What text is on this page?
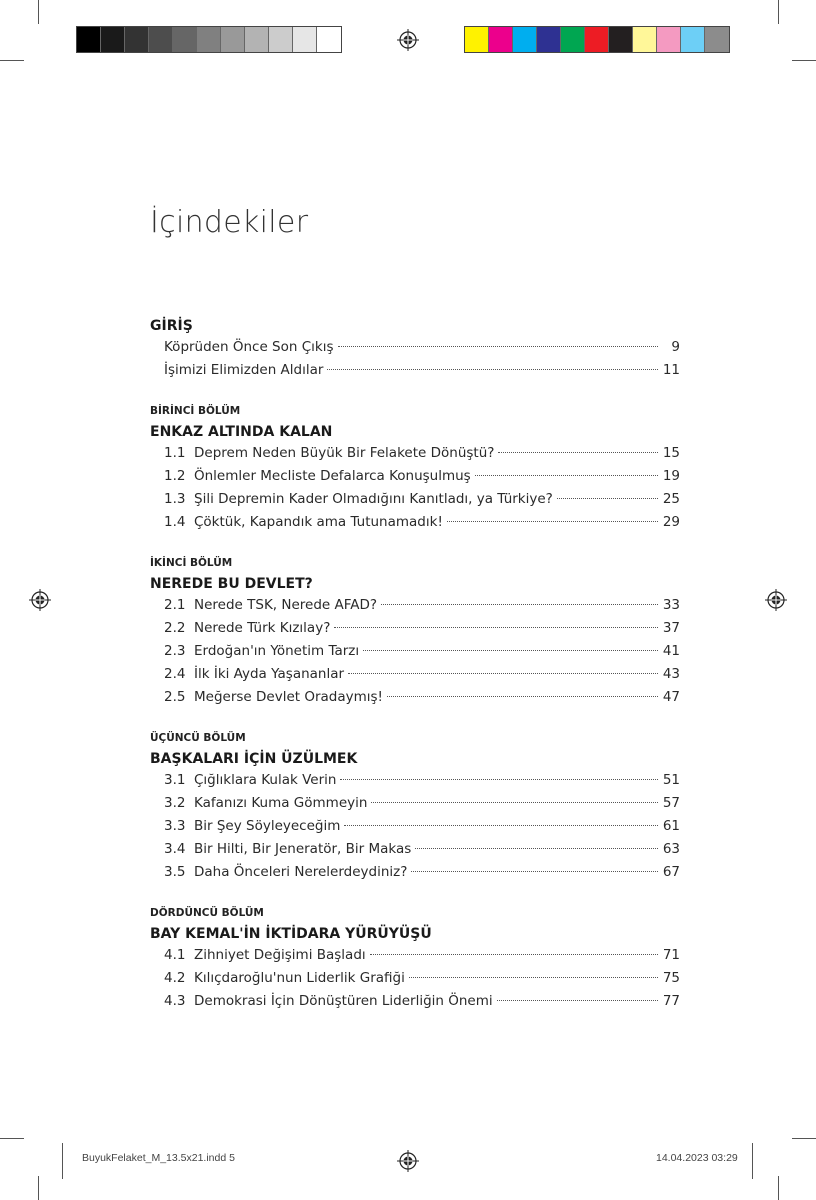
İçindekiler
GİRİŞ
Köprüden Önce Son Çıkış	9
İşimizi Elimizden Aldılar	11
BİRİNCİ BÖLÜM
ENKAZ ALTINDA KALAN
1.1 Deprem Neden Büyük Bir Felakete Dönüştü?	15
1.2 Önlemler Mecliste Defalarca Konuşulmuş	19
1.3 Şili Depremin Kader Olmadığını Kanıtladı, ya Türkiye?	25
1.4 Çöktük, Kapandık ama Tutunamadık!	29
İKİNCİ BÖLÜM
NEREDE BU DEVLET?
2.1 Nerede TSK, Nerede AFAD?	33
2.2 Nerede Türk Kızılay?	37
2.3 Erdoğan'ın Yönetim Tarzı	41
2.4 İlk İki Ayda Yaşananlar	43
2.5 Meğerse Devlet Oradaymış!	47
ÜÇÜNCÜ BÖLÜM
BAŞKALARI İÇİN ÜZÜLMEK
3.1 Çığlıklara Kulak Verin	51
3.2 Kafanızı Kuma Gömmeyin	57
3.3 Bir Şey Söyleyeceğim	61
3.4 Bir Hilti, Bir Jeneratör, Bir Makas	63
3.5 Daha Önceleri Nerelerdeydiniz?	67
DÖRDÜNCÜ BÖLÜM
BAY KEMAL'İN İKTİDARA YÜRÜYÜŞÜ
4.1 Zihniyet Değişimi Başladı	71
4.2 Kılıçdaroğlu'nun Liderlik Grafiği	75
4.3 Demokrasi İçin Dönüştüren Liderliğin Önemi	77
BuyukFelaket_M_13.5x21.indd 5	14.04.2023 03:29
